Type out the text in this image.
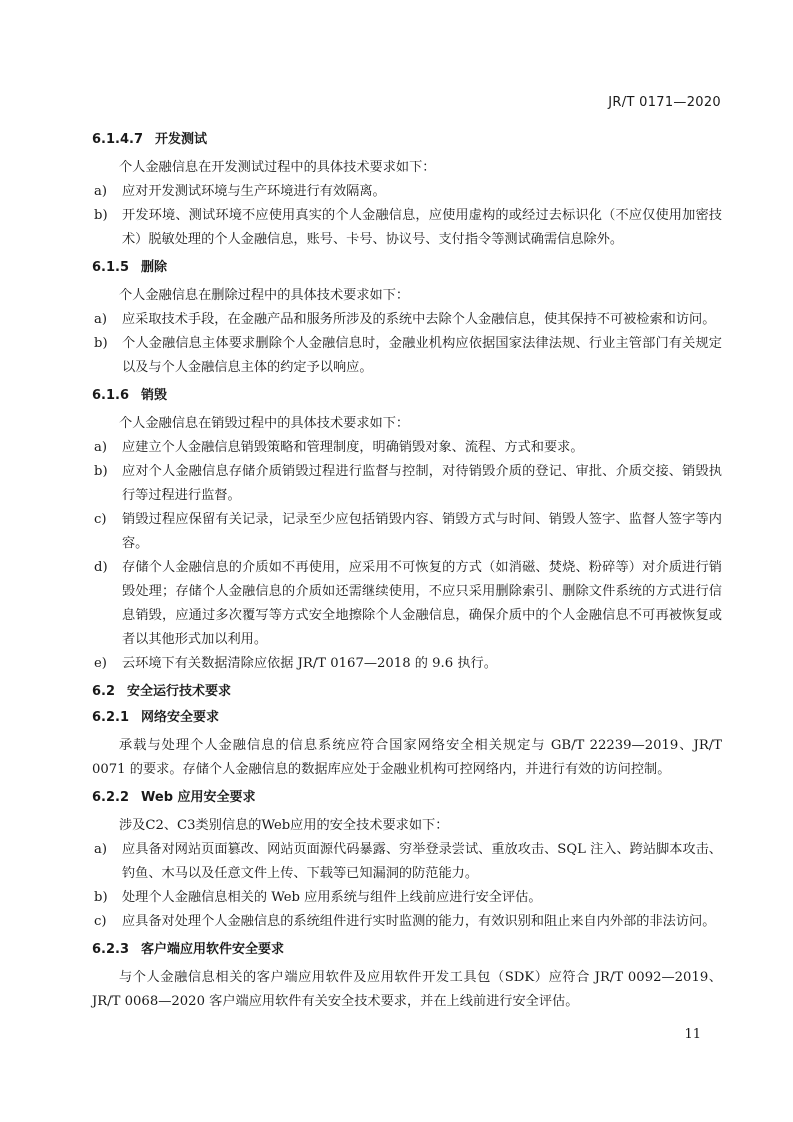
JR/T 0171—2020
6.1.4.7 开发测试

个人金融信息在开发测试过程中的具体技术要求如下：

a) 应对开发测试环境与生产环境进行有效隔离。
b) 开发环境、测试环境不应使用真实的个人金融信息，应使用虚构的或经过去标识化（不应仅使用加密技术）脱敏处理的个人金融信息，账号、卡号、协议号、支付指令等测试确需信息除外。
6.1.5 删除

个人金融信息在删除过程中的具体技术要求如下：

a) 应采取技术手段，在金融产品和服务所涉及的系统中去除个人金融信息，使其保持不可被检索和访问。
b) 个人金融信息主体要求删除个人金融信息时，金融业机构应依据国家法律法规、行业主管部门有关规定以及与个人金融信息主体的约定予以响应。
6.1.6 销毁

个人金融信息在销毁过程中的具体技术要求如下：

a) 应建立个人金融信息销毁策略和管理制度，明确销毁对象、流程、方式和要求。
b) 应对个人金融信息存储介质销毁过程进行监督与控制，对待销毁介质的登记、审批、介质交接、销毁执行等过程进行监督。
c) 销毁过程应保留有关记录，记录至少应包括销毁内容、销毁方式与时间、销毁人签字、监督人签字等内容。
d) 存储个人金融信息的介质如不再使用，应采用不可恢复的方式（如消磁、焚烧、粉碎等）对介质进行销毁处理；存储个人金融信息的介质如还需继续使用，不应只采用删除索引、删除文件系统的方式进行信息销毁，应通过多次覆写等方式安全地擦除个人金融信息，确保介质中的个人金融信息不可再被恢复或者以其他形式加以利用。
e) 云环境下有关数据清除应依据 JR/T 0167—2018 的 9.6 执行。
6.2 安全运行技术要求
6.2.1 网络安全要求

承载与处理个人金融信息的信息系统应符合国家网络安全相关规定与 GB/T 22239—2019、JR/T 0071 的要求。存储个人金融信息的数据库应处于金融业机构可控网络内，并进行有效的访问控制。

6.2.2 Web 应用安全要求

涉及C2、C3类别信息的Web应用的安全技术要求如下：

a) 应具备对网站页面篡改、网站页面源代码暴露、穷举登录尝试、重放攻击、SQL 注入、跨站脚本攻击、钓鱼、木马以及任意文件上传、下载等已知漏洞的防范能力。
b) 处理个人金融信息相关的 Web 应用系统与组件上线前应进行安全评估。
c) 应具备对处理个人金融信息的系统组件进行实时监测的能力，有效识别和阻止来自内外部的非法访问。
6.2.3 客户端应用软件安全要求

与个人金融信息相关的客户端应用软件及应用软件开发工具包（SDK）应符合 JR/T 0092—2019、JR/T 0068—2020 客户端应用软件有关安全技术要求，并在上线前进行安全评估。

11
